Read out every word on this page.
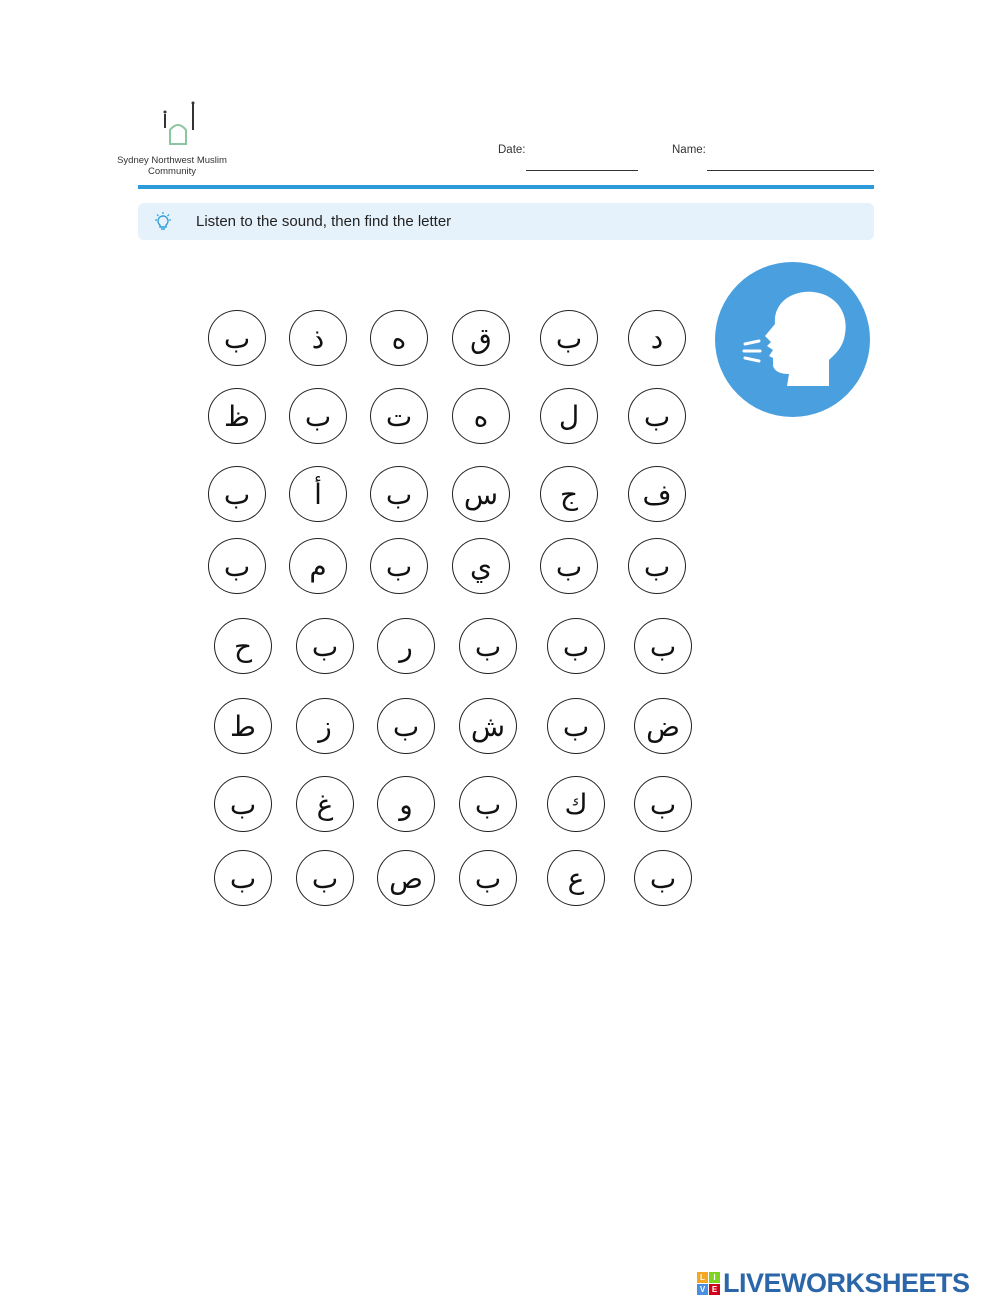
Sydney Northwest Muslim Community
Date:	Name:
Listen to the sound, then find the letter
ب	ذ	ه	ق	ب	د
ظ	ب	ت	ه	ل	ب
ب	أ	ب	س	ج	ف
ب	م	ب	ي	ب	ب
ح	ب	ر	ب	ب	ب
ط	ز	ب	ش	ب	ض
ب	غ	و	ب	ك	ب
ب	ب	ص	ب	ع	ب
L	I
V E LIVEWORKSHEETS
